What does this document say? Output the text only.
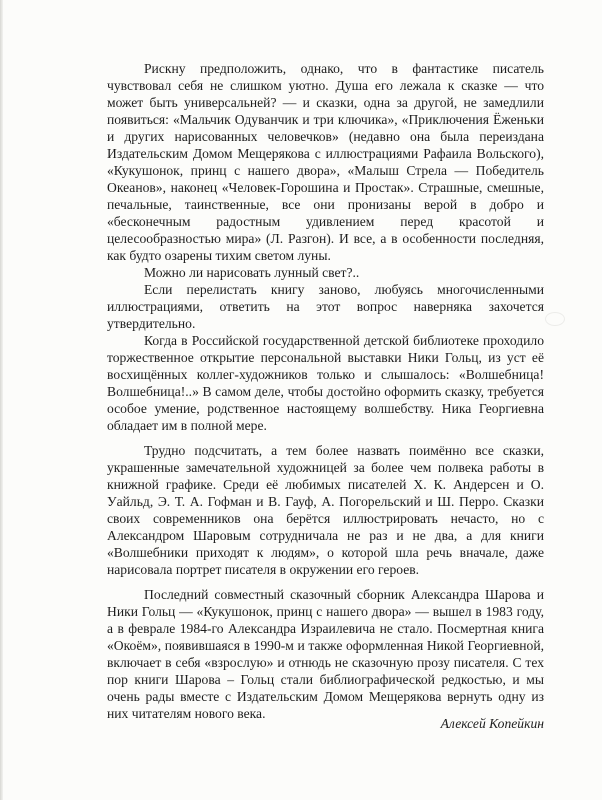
Рискну предположить, однако, что в фантастике писатель чувствовал себя не слишком уютно. Душа его лежала к сказке — что может быть универсальней? — и сказки, одна за другой, не замедлили появиться: «Мальчик Одуванчик и три ключика», «Приключения Ёженьки и других нарисованных человечков» (недавно она была переиздана Издательским Домом Мещерякова с иллюстрациями Рафаила Вольского), «Кукушонок, принц с нашего двора», «Малыш Стрела — Победитель Океанов», наконец «Человек-Горошина и Простак». Страшные, смешные, печальные, таинственные, все они пронизаны верой в добро и «бесконечным радостным удивлением перед красотой и целесообразностью мира» (Л. Разгон). И все, а в особенности последняя, как будто озарены тихим светом луны.

Можно ли нарисовать лунный свет?..

Если перелистать книгу заново, любуясь многочисленными иллюстрациями, ответить на этот вопрос наверняка захочется утвердительно.

Когда в Российской государственной детской библиотеке проходило торжественное открытие персональной выставки Ники Гольц, из уст её восхищённых коллег-художников только и слышалось: «Волшебница! Волшебница!..» В самом деле, чтобы достойно оформить сказку, требуется особое умение, родственное настоящему волшебству. Ника Георгиевна обладает им в полной мере.

Трудно подсчитать, а тем более назвать поимённо все сказки, украшенные замечательной художницей за более чем полвека работы в книжной графике. Среди её любимых писателей Х. К. Андерсен и О. Уайльд, Э. Т. А. Гофман и В. Гауф, А. Погорельский и Ш. Перро. Сказки своих современников она берётся иллюстрировать нечасто, но с Александром Шаровым сотрудничала не раз и не два, а для книги «Волшебники приходят к людям», о которой шла речь вначале, даже нарисовала портрет писателя в окружении его героев.

Последний совместный сказочный сборник Александра Шарова и Ники Гольц — «Кукушонок, принц с нашего двора» — вышел в 1983 году, а в феврале 1984-го Александра Израилевича не стало. Посмертная книга «Окоём», появившаяся в 1990-м и также оформленная Никой Георгиевной, включает в себя «взрослую» и отнюдь не сказочную прозу писателя. С тех пор книги Шарова – Гольц стали библиографической редкостью, и мы очень рады вместе с Издательским Домом Мещерякова вернуть одну из них читателям нового века.

Алексей Копейкин
